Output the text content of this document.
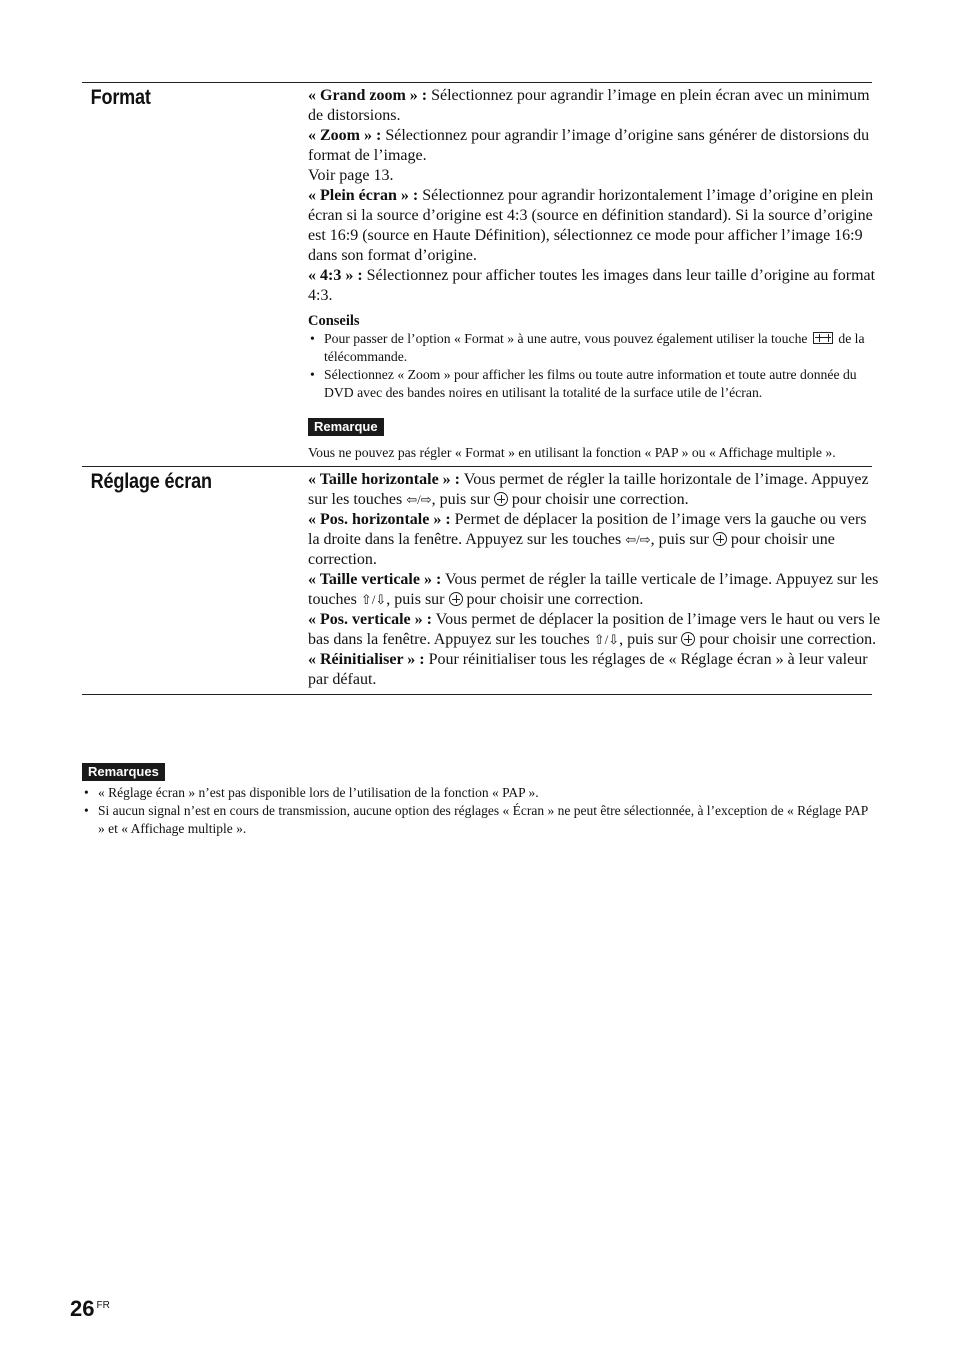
Format	« Grand zoom » : Sélectionnez pour agrandir l’image en plein écran avec un minimum de distorsions.

« Zoom » : Sélectionnez pour agrandir l’image d’origine sans générer de distorsions du format de l’image.

Voir page 13.

« Plein écran » : Sélectionnez pour agrandir horizontalement l’image d’origine en plein écran si la source d’origine est 4:3 (source en définition standard). Si la source d’origine est 16:9 (source en Haute Définition), sélectionnez ce mode pour afficher l’image 16:9 dans son format d’origine.

« 4:3 » : Sélectionnez pour afficher toutes les images dans leur taille d’origine au format 4:3.

Conseils
• Pour passer de l’option « Format » à une autre, vous pouvez également utiliser la touche  de la télécommande.
• Sélectionnez « Zoom » pour afficher les films ou toute autre information et toute autre donnée du DVD avec des bandes noires en utilisant la totalité de la surface utile de l’écran.
Remarque
Vous ne pouvez pas régler « Format » en utilisant la fonction « PAP » ou « Affichage multiple ».
Réglage écran	« Taille horizontale » : Vous permet de régler la taille horizontale de l’image. Appuyez sur les touches ⇦/⇨, puis sur  pour choisir une correction.

« Pos. horizontale » : Permet de déplacer la position de l’image vers la gauche ou vers la droite dans la fenêtre. Appuyez sur les touches ⇦/⇨, puis sur  pour choisir une correction.

« Taille verticale » : Vous permet de régler la taille verticale de l’image. Appuyez sur les touches ⇧/⇩, puis sur  pour choisir une correction.

« Pos. verticale » : Vous permet de déplacer la position de l’image vers le haut ou vers le bas dans la fenêtre. Appuyez sur les touches ⇧/⇩, puis sur  pour choisir une correction.

« Réinitialiser » : Pour réinitialiser tous les réglages de « Réglage écran » à leur valeur par défaut.

Remarques
• « Réglage écran » n’est pas disponible lors de l’utilisation de la fonction « PAP ».
• Si aucun signal n’est en cours de transmission, aucune option des réglages « Écran » ne peut être sélectionnée, à l’exception de « Réglage PAP » et « Affichage multiple ».
26 $^{FR}$
